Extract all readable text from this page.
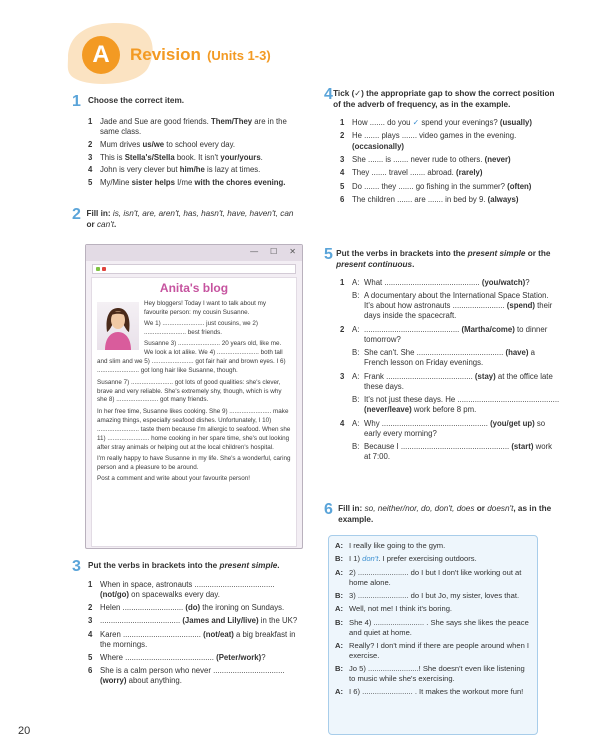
A	Revision (Units 1-3)
1 Choose the correct item.
1 Jade and Sue are good friends. Them/They are in the same class.
2 Mum drives us/we to school every day.
3 This is Stella's/Stella book. It isn't your/yours.
4 John is very clever but him/he is lazy at times.
5 My/Mine sister helps I/me with the chores evening.
2 Fill in: is, isn't, are, aren't, has, hasn't, have, haven't, can or can't.
— ☐ ✕
Anita's blog

Hey bloggers! Today I want to talk about my favourite person: my cousin Susanne.

We 1) ........................ just cousins, we 2) ........................ best friends.

Susanne 3) ........................ 20 years old, like me. We look a lot alike. We 4) ........................ both tall and slim and we 5) ........................ got fair hair and brown eyes. I 6) ........................ got long hair like Susanne, though.

Susanne 7) ........................ got lots of good qualities: she's clever, brave and very reliable. She's extremely shy, though, which is why she 8) ........................ got many friends.

In her free time, Susanne likes cooking. She 9) ........................ make amazing things, especially seafood dishes. Unfortunately, I 10) ........................ taste them because I'm allergic to seafood. When she 11) ........................ home cooking in her spare time, she's out looking after stray animals or helping out at the local children's hospital.

I'm really happy to have Susanne in my life. She's a wonderful, caring person and a pleasure to be around.

Post a comment and write about your favourite person!

3 Put the verbs in brackets into the present simple.
1 When in space, astronauts ..................................... (not/go) on spacewalks every day.
2 Helen ............................ (do) the ironing on Sundays.
3 ..................................... (James and Lily/live) in the UK?
4 Karen .................................... (not/eat) a big breakfast in the mornings.
5 Where ......................................... (Peter/work)?
6 She is a calm person who never ................................. (worry) about anything.
20
4 Tick (✓) the appropriate gap to show the correct position of the adverb of frequency, as in the example.
1 How ....... do you ✓ spend your evenings? (usually)
2 He ....... plays ....... video games in the evening. (occasionally)
3 She ....... is ....... never rude to others. (never)
4 They ....... travel ....... abroad. (rarely)
5 Do ....... they ....... go fishing in the summer? (often)
6 The children ....... are ....... in bed by 9. (always)
5 Put the verbs in brackets into the present simple or the present continuous.
1 A: What ............................................ (you/watch)?
B: A documentary about the International Space Station. It's about how astronauts ........................ (spend) their days inside the spacecraft.
2 A: ............................................ (Martha/come) to dinner tomorrow?
B: She can't. She ........................................ (have) a French lesson on Friday evenings.
3 A: Frank ........................................ (stay) at the office late these days.
B: It's not just these days. He ............................................... (never/leave) work before 8 pm.
4 A: Why ................................................. (you/get up) so early every morning?
B: Because I .................................................. (start) work at 7:00.
6 Fill in: so, neither/nor, do, don't, does or doesn't, as in the example.
A: I really like going to the gym.
B: I 1) don't. I prefer exercising outdoors.
A: 2) ........................ do I but I don't like working out at home alone.
B: 3) ........................ do I but Jo, my sister, loves that.
A: Well, not me! I think it's boring.
B: She 4) ........................ . She says she likes the peace and quiet at home.
A: Really? I don't mind if there are people around when I exercise.
B: Jo 5) ........................! She doesn't even like listening to music while she's exercising.
A: I 6) ........................ . It makes the workout more fun!
